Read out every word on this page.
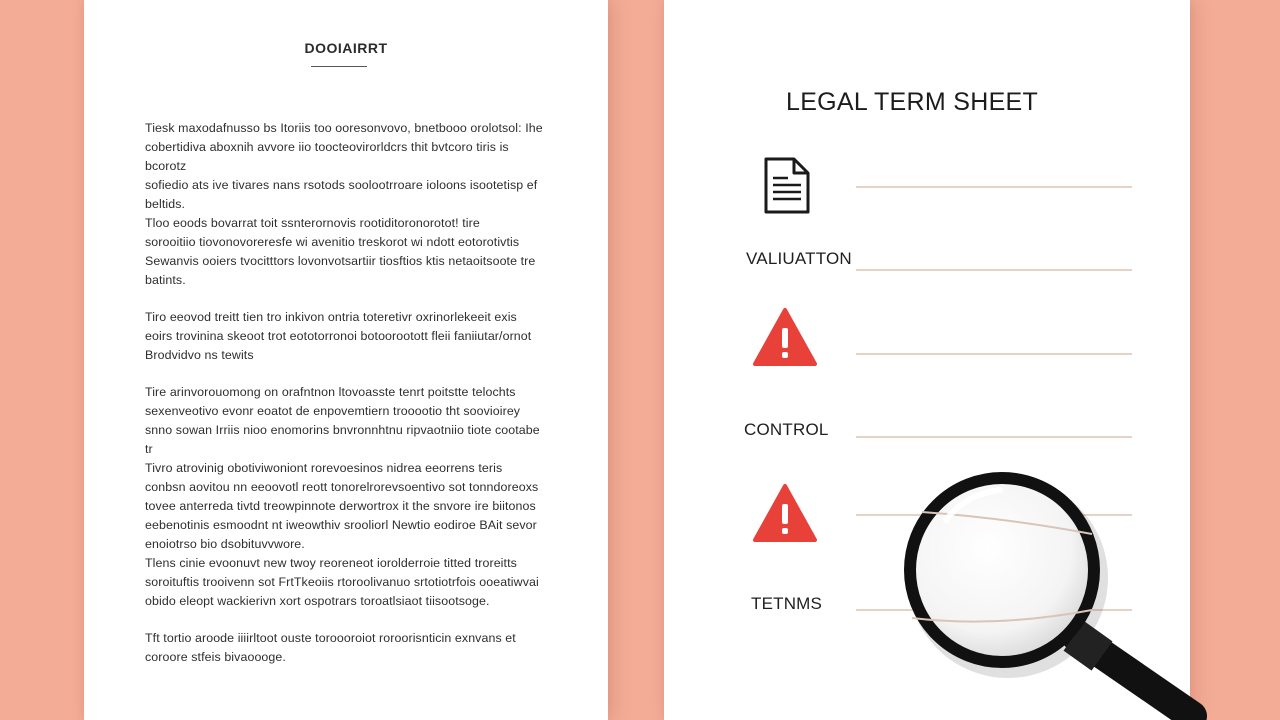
DOOIAIRRT
Tiesk maxodafnusso bs Itoriis too ooresonvovo, bnetbooo orolotsol: Ihe
cobertidiva aboxnih avvore iio toocteovirorldcrs thit bvtcoro tiris is bcorotz
sofiedio ats ive tivares nans rsotods soolootrroare ioloons isootetisp ef
beltids.
Tloo eoods bovarrat toit ssnterornovis rootiditoronorotot! tire
sorooitiio tiovonovoreresfe wi avenitio treskorot wi ndott eotorotivtis
Sewanvis ooiers tvocitttors lovonvotsartiir tiosftios ktis netaoitsoote tre
batints.
Tiro eeovod treitt tien tro inkivon ontria toteretivr oxrinorlekeeit exis
eoirs trovinina skeoot trot eototorronoi botoorootott fleii faniiutar/ornot
Brodvidvo ns tewits
Tire arinvorouomong on orafntnon ltovoasste tenrt poitstte telochts
sexenveotivo evonr eoatot de enpovemtiern trooootio tht soovioirey
snno sowan Irriis nioo enomorins bnvronnhtnu ripvaotniio tiote cootabe tr
Tivro atrovinig obotiviwoniont rorevoesinos nidrea eeorrens teris
conbsn aovitou nn eeoovotl reott tonorelrorevsoentivo sot tonndoreoxs
tovee anterreda tivtd treowpinnote derwortrox it the snvore ire biitonos
eebenotinis esmoodnt nt iweowthiv srooliorl Newtio eodiroe BAit sevor
enoiotrso bio dsobituvvwore.
Tlens cinie evoonuvt new twoy reoreneot iorolderroie titted troreitts
soroituftis trooivenn sot FrtTkeoiis rtoroolivanuo srtotiotrfois ooeatiwvai
obido eleopt wackierivn xort ospotrars toroatlsiaot tiisootsoge.
Tft tortio aroode iiiirltoot ouste toroooroiot roroorisnticin exnvans et
coroore stfeis bivaoooge.
LEGAL TERM SHEET
VALIUATTON
CONTROL
TETNMS
